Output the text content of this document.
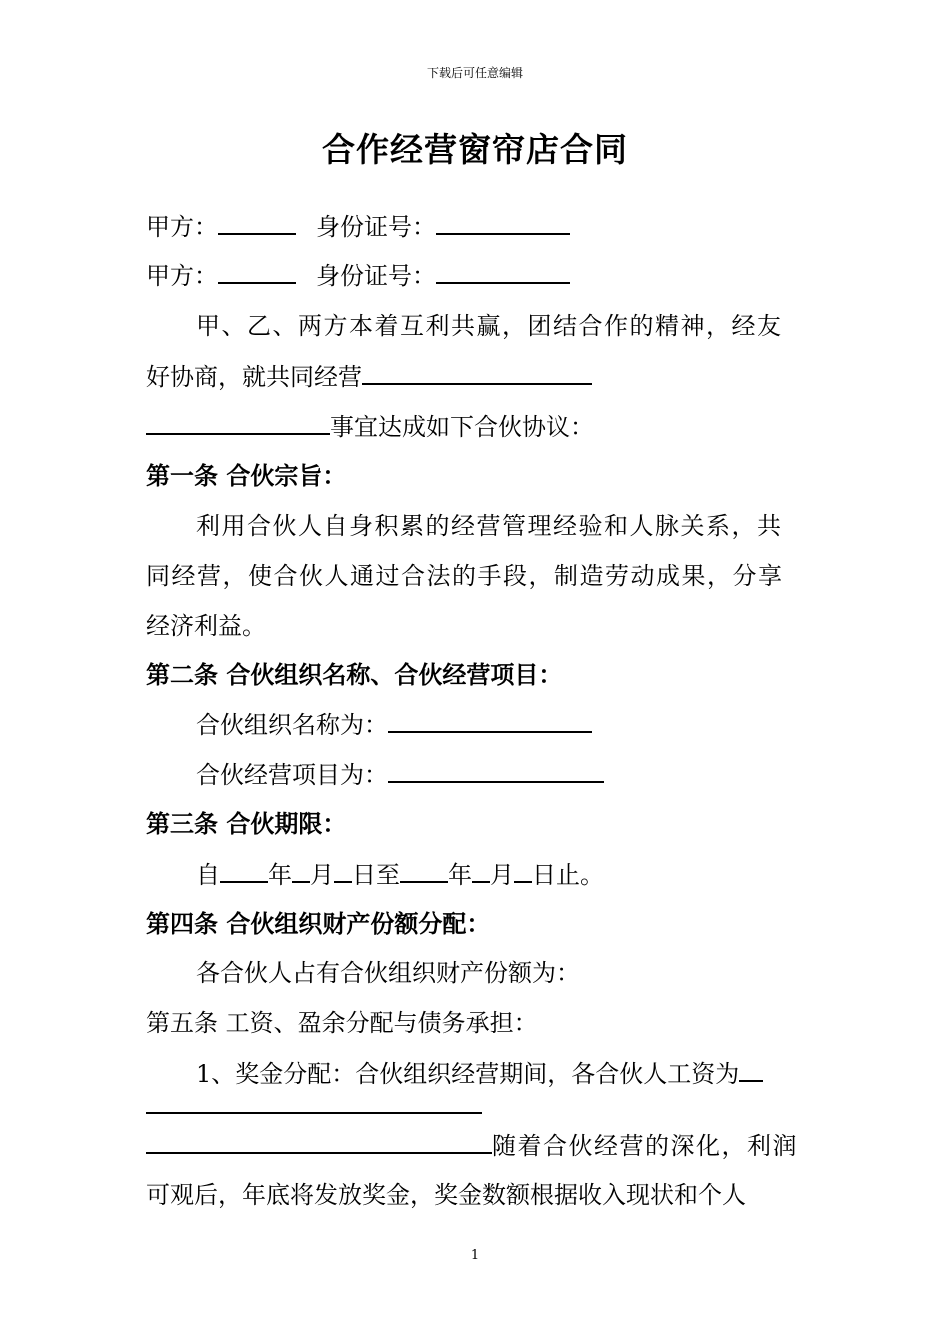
下载后可任意编辑
合作经营窗帘店合同
甲方：	身份证号：
甲方：	身份证号：
甲、乙、两方本着互利共赢，团结合作的精神，经友
好协商，就共同经营
事宜达成如下合伙协议：
第一条 合伙宗旨：
利用合伙人自身积累的经营管理经验和人脉关系，共
同经营，使合伙人通过合法的手段，制造劳动成果，分享
经济利益。
第二条 合伙组织名称、合伙经营项目：
合伙组织名称为：
合伙经营项目为：
第三条 合伙期限：
自 年 月 日至 年 月 日止。
第四条 合伙组织财产份额分配：
各合伙人占有合伙组织财产份额为：
第五条 工资、盈余分配与债务承担：
1、奖金分配：合伙组织经营期间，各合伙人工资为
随着合伙经营的深化，利润
可观后，年底将发放奖金，奖金数额根据收入现状和个人
1
